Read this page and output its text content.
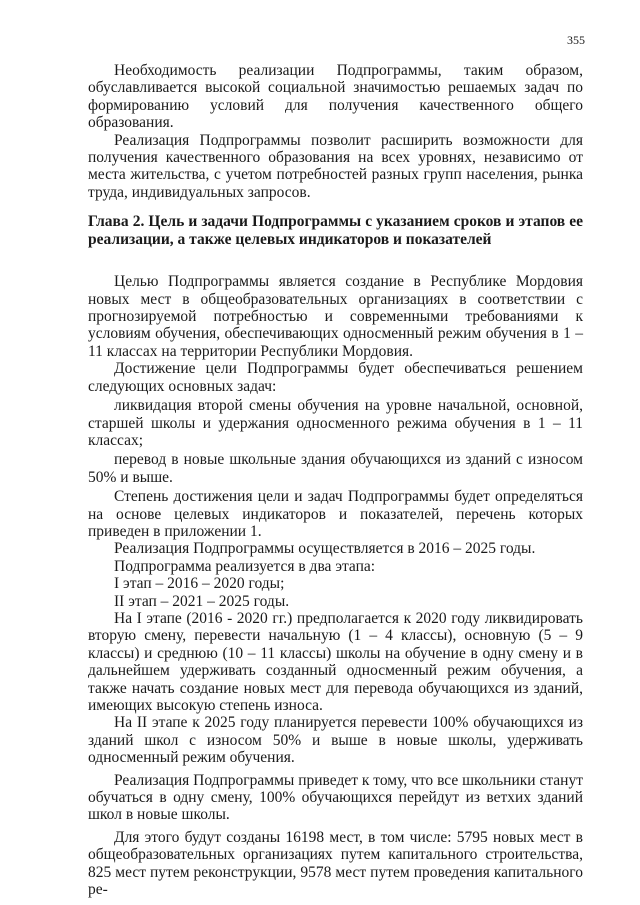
355

Необходимость реализации Подпрограммы, таким образом, обуславливается высокой социальной значимостью решаемых задач по формированию условий для получения качественного общего образования.

Реализация Подпрограммы позволит расширить возможности для получения качественного образования на всех уровнях, независимо от места жительства, с учетом потребностей разных групп населения, рынка труда, индивидуальных запросов.

Глава 2. Цель и задачи Подпрограммы с указанием сроков и этапов ее реализации, а также целевых индикаторов и показателей

Целью Подпрограммы является создание в Республике Мордовия новых мест в общеобразовательных организациях в соответствии с прогнозируемой потребностью и современными требованиями к условиям обучения, обеспечивающих односменный режим обучения в 1 – 11 классах на территории Республики Мордовия.

Достижение цели Подпрограммы будет обеспечиваться решением следующих основных задач:

ликвидация второй смены обучения на уровне начальной, основной, старшей школы и удержания односменного режима обучения в 1 – 11 классах;

перевод в новые школьные здания обучающихся из зданий с износом 50% и выше.

Степень достижения цели и задач Подпрограммы будет определяться на основе целевых индикаторов и показателей, перечень которых приведен в приложении 1.

Реализация Подпрограммы осуществляется в 2016 – 2025 годы.

Подпрограмма реализуется в два этапа:

I этап – 2016 – 2020 годы;

II этап – 2021 – 2025 годы.

На I этапе (2016 - 2020 гг.) предполагается к 2020 году ликвидировать вторую смену, перевести начальную (1 – 4 классы), основную (5 – 9 классы) и среднюю (10 – 11 классы) школы на обучение в одну смену и в дальнейшем удерживать созданный односменный режим обучения, а также начать создание новых мест для перевода обучающихся из зданий, имеющих высокую степень износа.

На II этапе к 2025 году планируется перевести 100% обучающихся из зданий школ с износом 50% и выше в новые школы, удерживать односменный режим обучения.

Реализация Подпрограммы приведет к тому, что все школьники станут обучаться в одну смену, 100% обучающихся перейдут из ветхих зданий школ в новые школы.

Для этого будут созданы 16198 мест, в том числе: 5795 новых мест в общеобразовательных организациях путем капитального строительства, 825 мест путем реконструкции, 9578 мест путем проведения капитального ре-
